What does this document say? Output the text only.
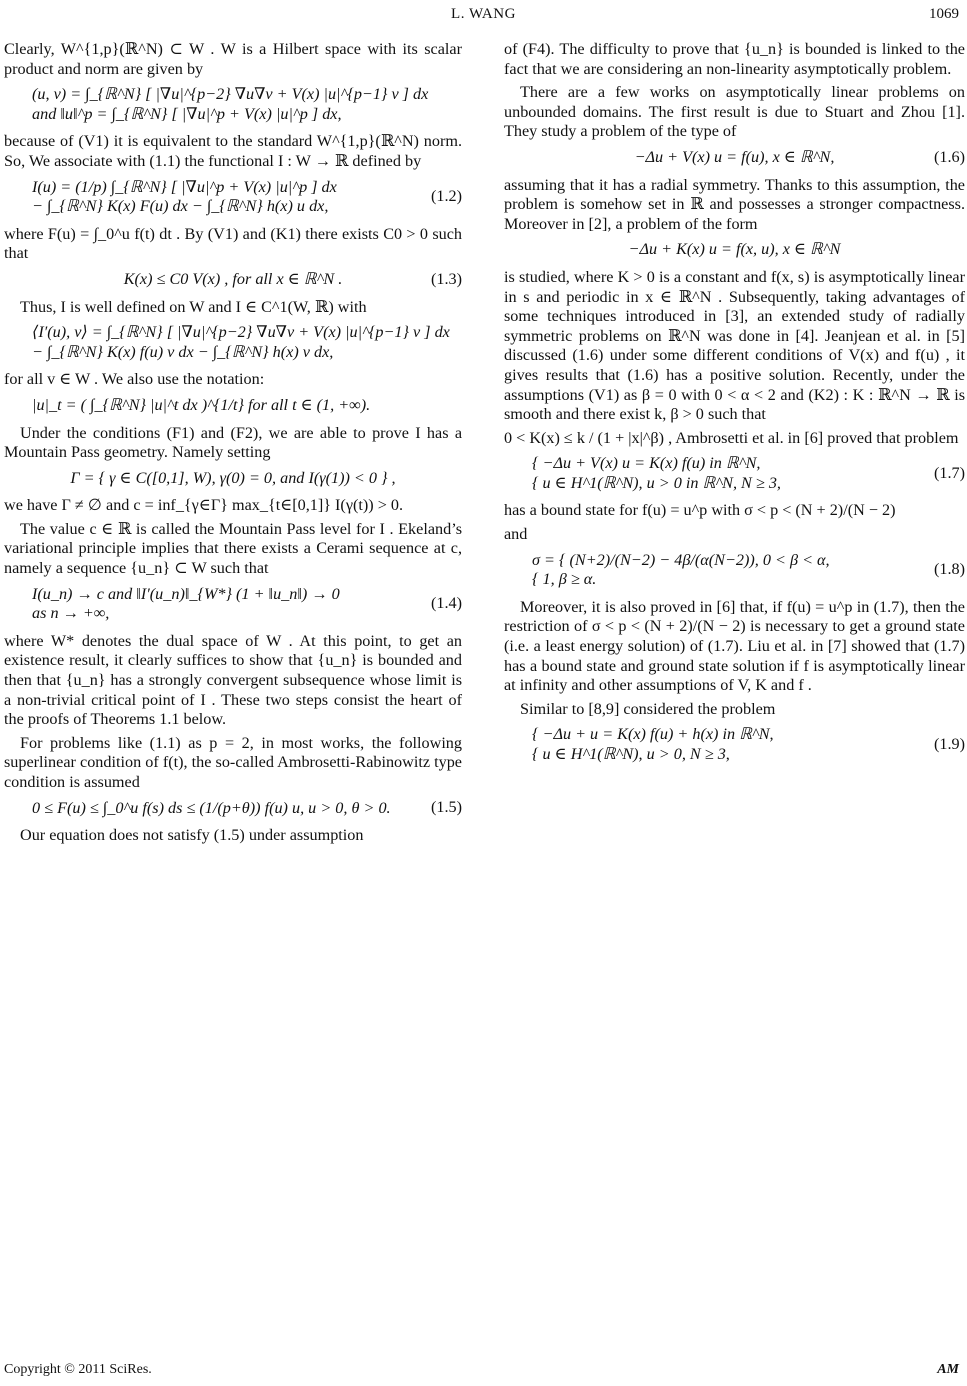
L. WANG	1069

Clearly, W^{1,p}(ℝ^N) ⊂ W . W is a Hilbert space with its scalar product and norm are given by

(u, v) = ∫_{ℝ^N} [ |∇u|^{p−2} ∇u∇v + V(x) |u|^{p−1} v ] dx
and ‖u‖^p = ∫_{ℝ^N} [ |∇u|^p + V(x) |u|^p ] dx,

because of (V1) it is equivalent to the standard W^{1,p}(ℝ^N) norm. So, We associate with (1.1) the functional I : W → ℝ defined by

I(u) = (1/p) ∫_{ℝ^N} [ |∇u|^p + V(x) |u|^p ] dx
− ∫_{ℝ^N} K(x) F(u) dx − ∫_{ℝ^N} h(x) u dx,
(1.2)

where F(u) = ∫_0^u f(t) dt . By (V1) and (K1) there exists C0 > 0 such that

K(x) ≤ C0 V(x) , for all x ∈ ℝ^N .	(1.3)

Thus, I is well defined on W and I ∈ C^1(W, ℝ) with

⟨I′(u), v⟩ = ∫_{ℝ^N} [ |∇u|^{p−2} ∇u∇v + V(x) |u|^{p−1} v ] dx
− ∫_{ℝ^N} K(x) f(u) v dx − ∫_{ℝ^N} h(x) v dx,

for all v ∈ W . We also use the notation:

|u|_t = ( ∫_{ℝ^N} |u|^t dx )^{1/t} for all t ∈ (1, +∞).

Under the conditions (F1) and (F2), we are able to prove I has a Mountain Pass geometry. Namely setting

Γ = { γ ∈ C([0,1], W), γ(0) = 0, and I(γ(1)) < 0 } ,

we have Γ ≠ ∅ and c = inf_{γ∈Γ} max_{t∈[0,1]} I(γ(t)) > 0.

The value c ∈ ℝ is called the Mountain Pass level for I . Ekeland’s variational principle implies that there exists a Cerami sequence at c, namely a sequence {u_n} ⊂ W such that

I(u_n) → c and ‖I′(u_n)‖_{W*} (1 + ‖u_n‖) → 0
as n → +∞,
(1.4)

where W* denotes the dual space of W . At this point, to get an existence result, it clearly suffices to show that {u_n} is bounded and then that {u_n} has a strongly convergent subsequence whose limit is a non-trivial critical point of I . These two steps consist the heart of the proofs of Theorems 1.1 below.

For problems like (1.1) as p = 2, in most works, the following superlinear condition of f(t), the so-called Ambrosetti-Rabinowitz type condition is assumed

0 ≤ F(u) ≤ ∫_0^u f(s) ds ≤ (1/(p+θ)) f(u) u, u > 0, θ > 0.	(1.5)

Our equation does not satisfy (1.5) under assumption

of (F4). The difficulty to prove that {u_n} is bounded is linked to the fact that we are considering an non-linearity asymptotically problem.

There are a few works on asymptotically linear problems on unbounded domains. The first result is due to Stuart and Zhou [1]. They study a problem of the type of

−Δu + V(x) u = f(u), x ∈ ℝ^N,	(1.6)

assuming that it has a radial symmetry. Thanks to this assumption, the problem is somehow set in ℝ and possesses a stronger compactness. Moreover in [2], a problem of the form

−Δu + K(x) u = f(x, u), x ∈ ℝ^N

is studied, where K > 0 is a constant and f(x, s) is asymptotically linear in s and periodic in x ∈ ℝ^N . Subsequently, taking advantages of some techniques introduced in [3], an extended study of radially symmetric problems on ℝ^N was done in [4]. Jeanjean et al. in [5] discussed (1.6) under some different conditions of V(x) and f(u) , it gives results that (1.6) has a positive solution. Recently, under the assumptions (V1) as β = 0 with 0 < α < 2 and (K2) : K : ℝ^N → ℝ is smooth and there exist k, β > 0 such that

0 < K(x) ≤ k / (1 + |x|^β) , Ambrosetti et al. in [6] proved that problem

{ −Δu + V(x) u = K(x) f(u) in ℝ^N,
{ u ∈ H^1(ℝ^N), u > 0 in ℝ^N, N ≥ 3,
(1.7)

has a bound state for f(u) = u^p with σ < p < (N + 2)/(N − 2)

and

σ = { (N+2)/(N−2) − 4β/(α(N−2)), 0 < β < α,
{ 1, β ≥ α.
(1.8)

Moreover, it is also proved in [6] that, if f(u) = u^p in (1.7), then the restriction of σ < p < (N + 2)/(N − 2) is necessary to get a ground state (i.e. a least energy solution) of (1.7). Liu et al. in [7] showed that (1.7) has a bound state and ground state solution if f is asymptotically linear at infinity and other assumptions of V, K and f .

Similar to [8,9] considered the problem

{ −Δu + u = K(x) f(u) + h(x) in ℝ^N,
{ u ∈ H^1(ℝ^N), u > 0, N ≥ 3,
(1.9)
Copyright © 2011 SciRes.	AM
